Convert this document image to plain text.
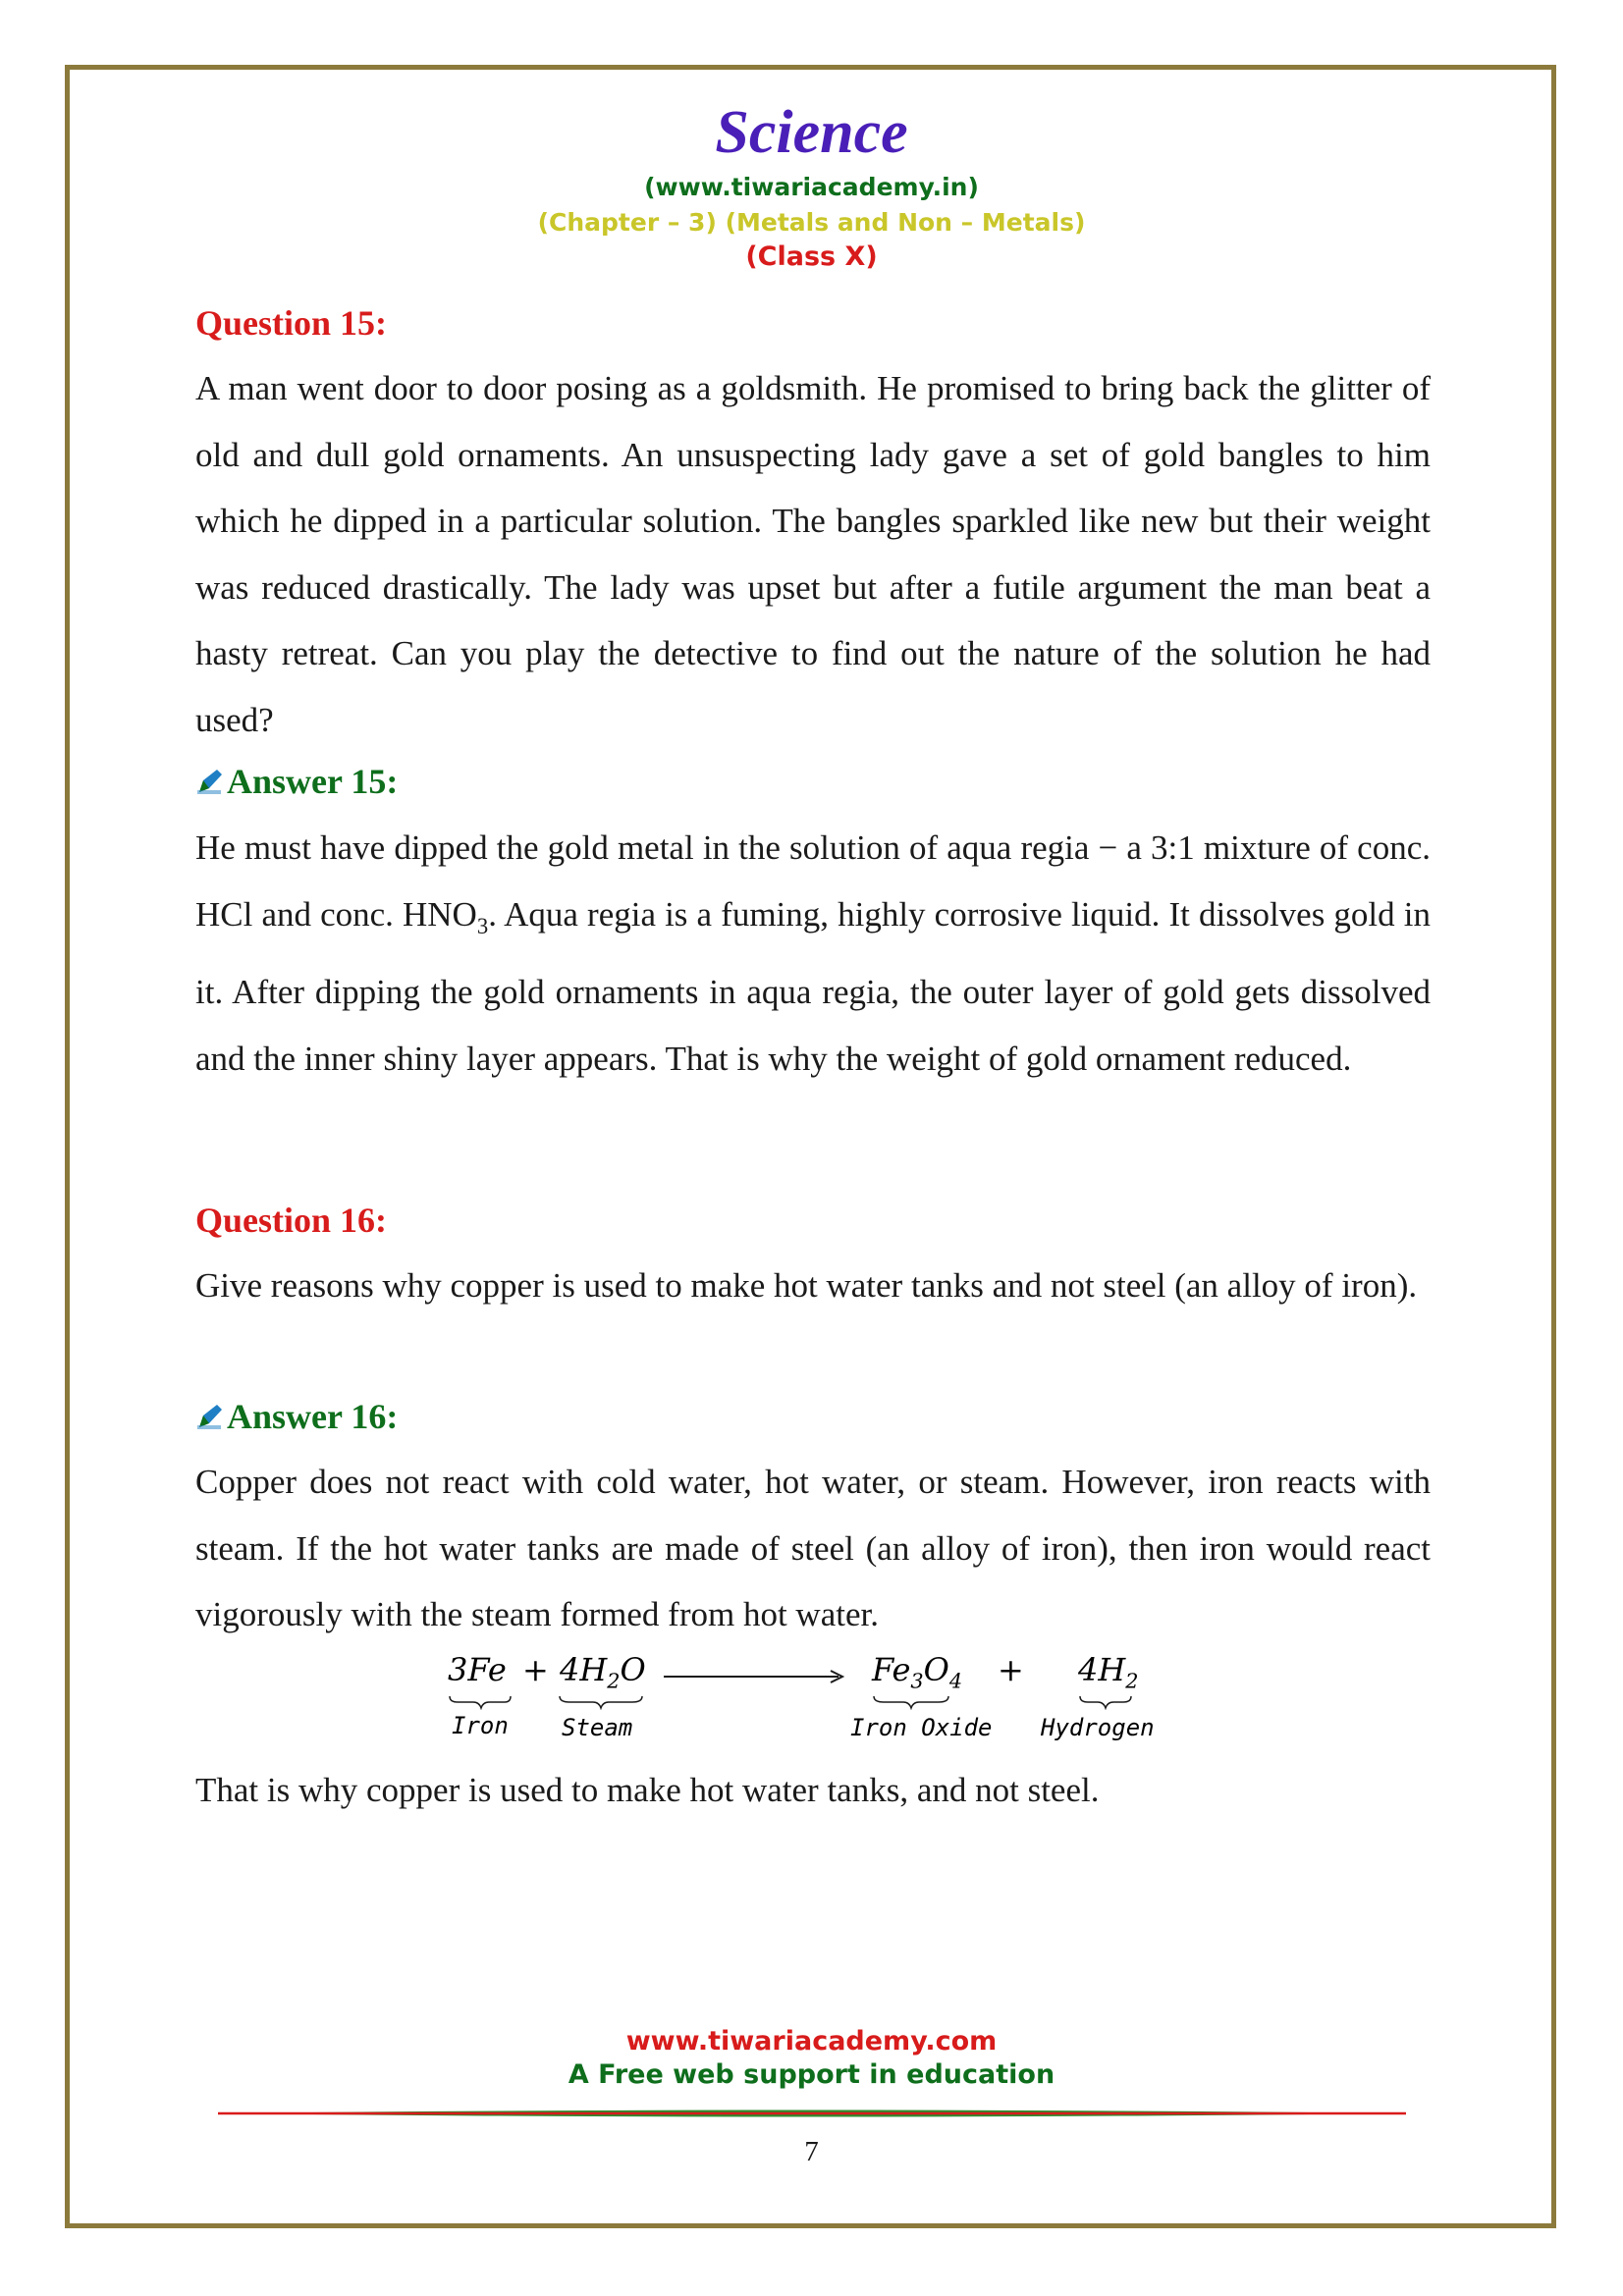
Science
(www.tiwariacademy.in)
(Chapter – 3) (Metals and Non – Metals)
(Class X)
Question 15:
A man went door to door posing as a goldsmith. He promised to bring back the glitter of old and dull gold ornaments. An unsuspecting lady gave a set of gold bangles to him which he dipped in a particular solution. The bangles sparkled like new but their weight was reduced drastically. The lady was upset but after a futile argument the man beat a hasty retreat. Can you play the detective to find out the nature of the solution he had used?
Answer 15:
He must have dipped the gold metal in the solution of aqua regia − a 3:1 mixture of conc. HCl and conc. $HNO_3$. Aqua regia is a fuming, highly corrosive liquid. It dissolves gold in it. After dipping the gold ornaments in aqua regia, the outer layer of gold gets dissolved and the inner shiny layer appears. That is why the weight of gold ornament reduced.
Question 16:
Give reasons why copper is used to make hot water tanks and not steel (an alloy of iron).
Answer 16:
Copper does not react with cold water, hot water, or steam. However, iron reacts with steam. If the hot water tanks are made of steel (an alloy of iron), then iron would react vigorously with the steam formed from hot water.
$3Fe + 4H_2O$	$Fe_3O_4 + 4H_2$
Iron Steam	Iron Oxide Hydrogen
That is why copper is used to make hot water tanks, and not steel.
www.tiwariacademy.com
A Free web support in education
7
